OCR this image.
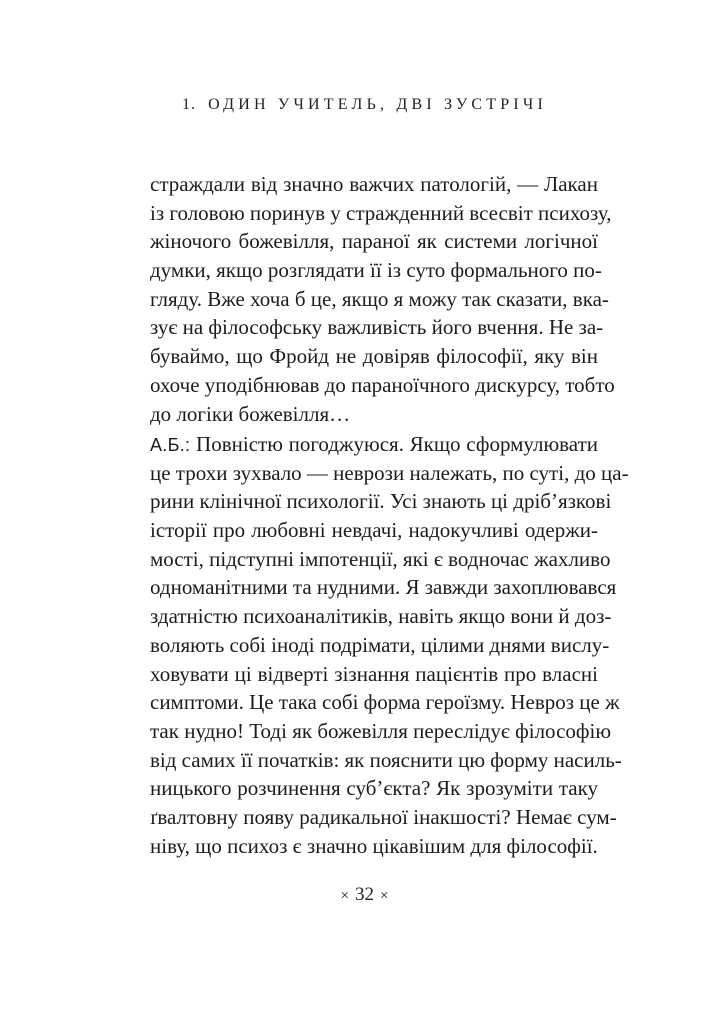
1. ОДИН УЧИТЕЛЬ, ДВІ ЗУСТРІЧІ
страждали від значно важчих патологій, — Лакан
із головою поринув у стражденний всесвіт психозу,
жіночого божевілля, параної як системи логічної
думки, якщо розглядати її із суто формального по-
гляду. Вже хоча б це, якщо я можу так сказати, вка-
зує на філософську важливість його вчення. Не за-
буваймо, що Фройд не довіряв філософії, яку він
охоче уподібнював до параноїчного дискурсу, тобто
до логіки божевілля…
А.Б.: Повністю погоджуюся. Якщо сформулювати
це трохи зухвало — неврози належать, по суті, до ца-
рини клінічної психології. Усі знають ці дріб’язкові
історії про любовні невдачі, надокучливі одержи-
мості, підступні імпотенції, які є водночас жахливо
одноманітними та нудними. Я завжди захоплювався
здатністю психоаналітиків, навіть якщо вони й доз-
воляють собі іноді подрімати, цілими днями вислу-
ховувати ці відверті зізнання пацієнтів про власні
симптоми. Це така собі форма героїзму. Невроз це ж
так нудно! Тоді як божевілля переслідує філософію
від самих її початків: як пояснити цю форму насиль-
ницького розчинення суб’єкта? Як зрозуміти таку
ґвалтовну появу радикальної інакшості? Немає сум-
ніву, що психоз є значно цікавішим для філософії.
× 32 ×
